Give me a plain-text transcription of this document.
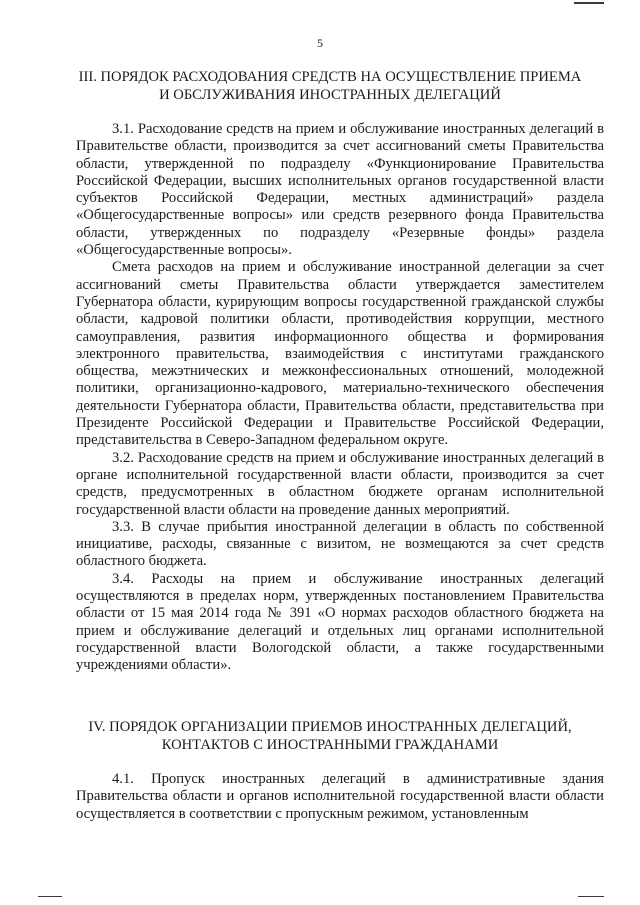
5
III. ПОРЯДОК РАСХОДОВАНИЯ СРЕДСТВ НА ОСУЩЕСТВЛЕНИЕ ПРИЕМА
И ОБСЛУЖИВАНИЯ ИНОСТРАННЫХ ДЕЛЕГАЦИЙ

3.1. Расходование средств на прием и обслуживание иностранных делегаций в Правительстве области, производится за счет ассигнований сметы Правительства области, утвержденной по подразделу «Функционирование Правительства Российской Федерации, высших исполнительных органов государственной власти субъектов Российской Федерации, местных администраций» раздела «Общегосударственные вопросы» или средств резервного фонда Правительства области, утвержденных по подразделу «Резервные фонды» раздела «Общегосударственные вопросы».

Смета расходов на прием и обслуживание иностранной делегации за счет ассигнований сметы Правительства области утверждается заместителем Губернатора области, курирующим вопросы государственной гражданской службы области, кадровой политики области, противодействия коррупции, местного самоуправления, развития информационного общества и формирования электронного правительства, взаимодействия с институтами гражданского общества, межэтнических и межконфессиональных отношений, молодежной политики, организационно-кадрового, материально-технического обеспечения деятельности Губернатора области, Правительства области, представительства при Президенте Российской Федерации и Правительстве Российской Федерации, представительства в Северо-Западном федеральном округе.

3.2. Расходование средств на прием и обслуживание иностранных делегаций в органе исполнительной государственной власти области, производится за счет средств, предусмотренных в областном бюджете органам исполнительной государственной власти области на проведение данных мероприятий.

3.3. В случае прибытия иностранной делегации в область по собственной инициативе, расходы, связанные с визитом, не возмещаются за счет средств областного бюджета.

3.4. Расходы на прием и обслуживание иностранных делегаций осуществляются в пределах норм, утвержденных постановлением Правительства области от 15 мая 2014 года № 391 «О нормах расходов областного бюджета на прием и обслуживание делегаций и отдельных лиц органами исполнительной государственной власти Вологодской области, а также государственными учреждениями области».

IV. ПОРЯДОК ОРГАНИЗАЦИИ ПРИЕМОВ ИНОСТРАННЫХ ДЕЛЕГАЦИЙ,
КОНТАКТОВ С ИНОСТРАННЫМИ ГРАЖДАНАМИ

4.1. Пропуск иностранных делегаций в административные здания Правительства области и органов исполнительной государственной власти области осуществляется в соответствии с пропускным режимом, установленным
